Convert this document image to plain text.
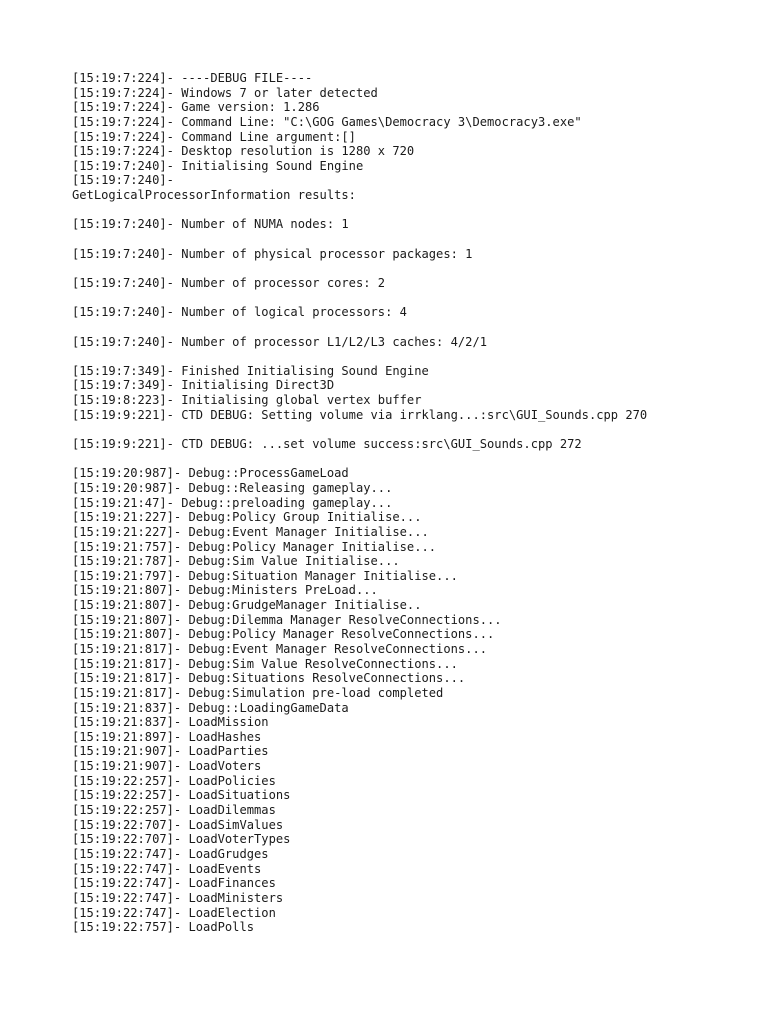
[15:19:7:224]- ----DEBUG FILE----
[15:19:7:224]- Windows 7 or later detected
[15:19:7:224]- Game version: 1.286
[15:19:7:224]- Command Line: "C:\GOG Games\Democracy 3\Democracy3.exe"
[15:19:7:224]- Command Line argument:[]
[15:19:7:224]- Desktop resolution is 1280 x 720
[15:19:7:240]- Initialising Sound Engine
[15:19:7:240]-
GetLogicalProcessorInformation results:
[15:19:7:240]- Number of NUMA nodes: 1
[15:19:7:240]- Number of physical processor packages: 1
[15:19:7:240]- Number of processor cores: 2
[15:19:7:240]- Number of logical processors: 4
[15:19:7:240]- Number of processor L1/L2/L3 caches: 4/2/1
[15:19:7:349]- Finished Initialising Sound Engine
[15:19:7:349]- Initialising Direct3D
[15:19:8:223]- Initialising global vertex buffer
[15:19:9:221]- CTD DEBUG: Setting volume via irrklang...:src\GUI_Sounds.cpp 270
[15:19:9:221]- CTD DEBUG: ...set volume success:src\GUI_Sounds.cpp 272
[15:19:20:987]- Debug::ProcessGameLoad
[15:19:20:987]- Debug::Releasing gameplay...
[15:19:21:47]- Debug::preloading gameplay...
[15:19:21:227]- Debug:Policy Group Initialise...
[15:19:21:227]- Debug:Event Manager Initialise...
[15:19:21:757]- Debug:Policy Manager Initialise...
[15:19:21:787]- Debug:Sim Value Initialise...
[15:19:21:797]- Debug:Situation Manager Initialise...
[15:19:21:807]- Debug:Ministers PreLoad...
[15:19:21:807]- Debug:GrudgeManager Initialise..
[15:19:21:807]- Debug:Dilemma Manager ResolveConnections...
[15:19:21:807]- Debug:Policy Manager ResolveConnections...
[15:19:21:817]- Debug:Event Manager ResolveConnections...
[15:19:21:817]- Debug:Sim Value ResolveConnections...
[15:19:21:817]- Debug:Situations ResolveConnections...
[15:19:21:817]- Debug:Simulation pre-load completed
[15:19:21:837]- Debug::LoadingGameData
[15:19:21:837]- LoadMission
[15:19:21:897]- LoadHashes
[15:19:21:907]- LoadParties
[15:19:21:907]- LoadVoters
[15:19:22:257]- LoadPolicies
[15:19:22:257]- LoadSituations
[15:19:22:257]- LoadDilemmas
[15:19:22:707]- LoadSimValues
[15:19:22:707]- LoadVoterTypes
[15:19:22:747]- LoadGrudges
[15:19:22:747]- LoadEvents
[15:19:22:747]- LoadFinances
[15:19:22:747]- LoadMinisters
[15:19:22:747]- LoadElection
[15:19:22:757]- LoadPolls
